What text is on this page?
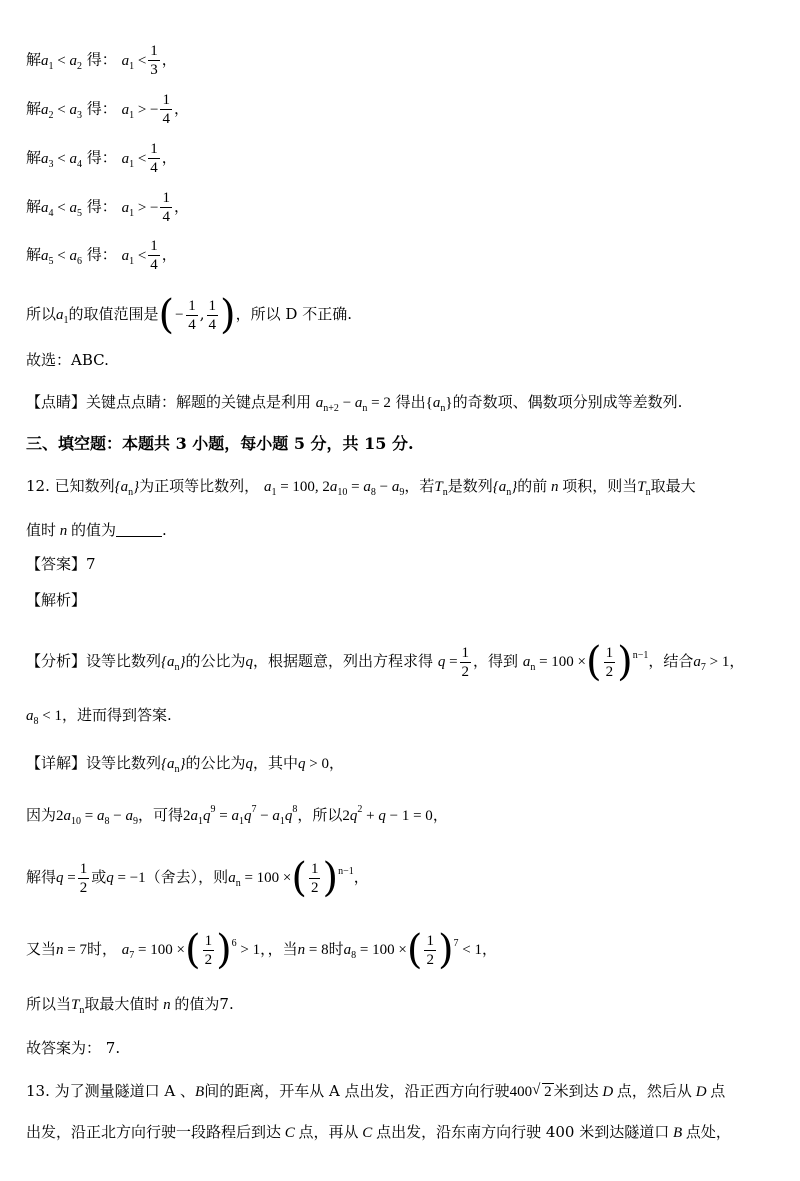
解$a_1 < a_2$ 得： $a_1 < \frac{1}{3}$ ，
解$a_2 < a_3$ 得： $a_1$ > − $\frac{1}{4}$ ，
解$a_3 < a_4$ 得： $a_1 < \frac{1}{4}$ ，
解$a_4 < a_5$ 得： $a_1$ > − $\frac{1}{4}$ ，
解$a_5 < a_6$ 得： $a_1 < \frac{1}{4}$ ，
所以$a_1$的取值范围是(− $\frac{1}{4}$ , $\frac{1}{4}$ )，所以 D 不正确.
故选：ABC.
【点睛】关键点点睛：解题的关键点是利用 $a_{n+2} - a_n = 2$ 得出$\{a_n\}$的奇数项、偶数项分别成等差数列.
三、填空题：本题共 3 小题，每小题 5 分，共 15 分.
12. 已知数列$\{a_n\}$为正项等比数列， $a_1 = 100$, $2a_{10} = a_8 - a_9$，若$T_n$是数列$\{a_n\}$的前 n 项积，则当$T_n$取最大
值时 n 的值为	.
【答案】7
【解析】
【分析】设等比数列$\{a_n\}$的公比为q，根据题意，列出方程求得 $q = \frac{1}{2}$ ，得到 $a_n = 100$ ×( $\frac{1}{2} )^{n-1}$，结合$a_7 > 1$，
$a_8 < 1$，进而得到答案.
【详解】设等比数列$\{a_n\}$的公比为q，其中q > 0，
因为$2a_{10} = a_8 - a_9$，可得$2a_1q^9 = a_1q^7 - a_1q^8$，所以$2q^2 + q - 1 = 0$，
解得$q = \frac{1}{2}$ 或q = −1（舍去），则$a_n = 100$ ×( $\frac{1}{2} )^{n-1}$，
又当n = 7时， $a_7 = 100$ ×( $\frac{1}{2} )^6 > 1$，，当n = 8时$a_8 = 100$ ×( $\frac{1}{2} )^7 < 1$，
所以当$T_n$取最大值时 n 的值为7.
故答案为： 7.
13. 为了测量隧道口 A 、B间的距离，开车从 A 点出发，沿正西方向行驶400 √ 2 米到达 D 点，然后从 D 点
出发，沿正北方向行驶一段路程后到达 C 点，再从 C 点出发，沿东南方向行驶 400 米到达隧道口 B 点处，
